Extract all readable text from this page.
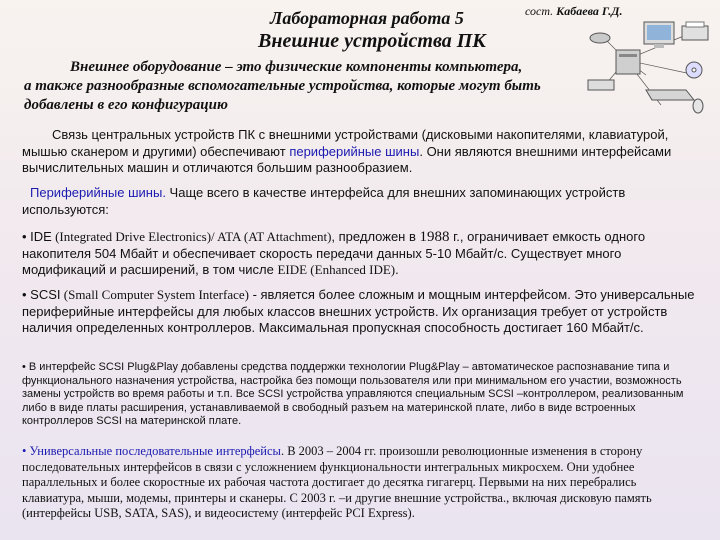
Лабораторная работа 5	сост. Кабаева Г.Д.
Внешние устройства ПК
Внешнее оборудование – это физические компоненты компьютера,
а также разнообразные вспомогательные устройства, которые могут быть
добавлены в его конфигурацию
Связь центральных устройств ПК с внешними устройствами (дисковыми накопителями, клавиатурой, мышью сканером и другими) обеспечивают периферийные шины. Они являются внешними интерфейсами вычислительных машин и отличаются большим разнообразием.
Периферийные шины. Чаще всего в качестве интерфейса для внешних запоминающих устройств используются:
• IDE (Integrated Drive Electronics)/ ATA (AT Attachment), предложен в 1988 г., ограничивает емкость одного накопителя 504 Мбайт и обеспечивает скорость передачи данных 5-10 Мбайт/с. Существует много модификаций и расширений, в том числе EIDE (Enhanced IDE).
• SCSI (Small Computer System Interface) - является более сложным и мощным интерфейсом. Это универсальные периферийные интерфейсы для любых классов внешних устройств. Их организация требует от устройств наличия определенных контроллеров. Максимальная пропускная способность достигает 160 Мбайт/с.
• В интерфейс SCSI Plug&Play добавлены средства поддержки технологии Plug&Play – автоматическое распознавание типа и функционального назначения устройства, настройка без помощи пользователя или при минимальном его участии, возможность замены устройств во время работы и т.п. Все SCSI устройства управляются специальным SCSI –контроллером, реализованным либо в виде платы расширения, устанавливаемой в свободный разъем на материнской плате, либо в виде встроенных контроллеров SCSI на материнской плате.
• Универсальные последовательные интерфейсы. В 2003 – 2004 гг. произошли революционные изменения в сторону последовательных интерфейсов в связи с усложнением функциональности интегральных микросхем. Они удобнее параллельных и более скоростные их рабочая частота достигает до десятка гигагерц. Первыми на них перебрались клавиатура, мыши, модемы, принтеры и сканеры. С 2003 г. –и другие внешние устройства., включая дисковую память (интерфейсы USB, SATA, SAS), и видеосистему (интерфейс PCI Express).
